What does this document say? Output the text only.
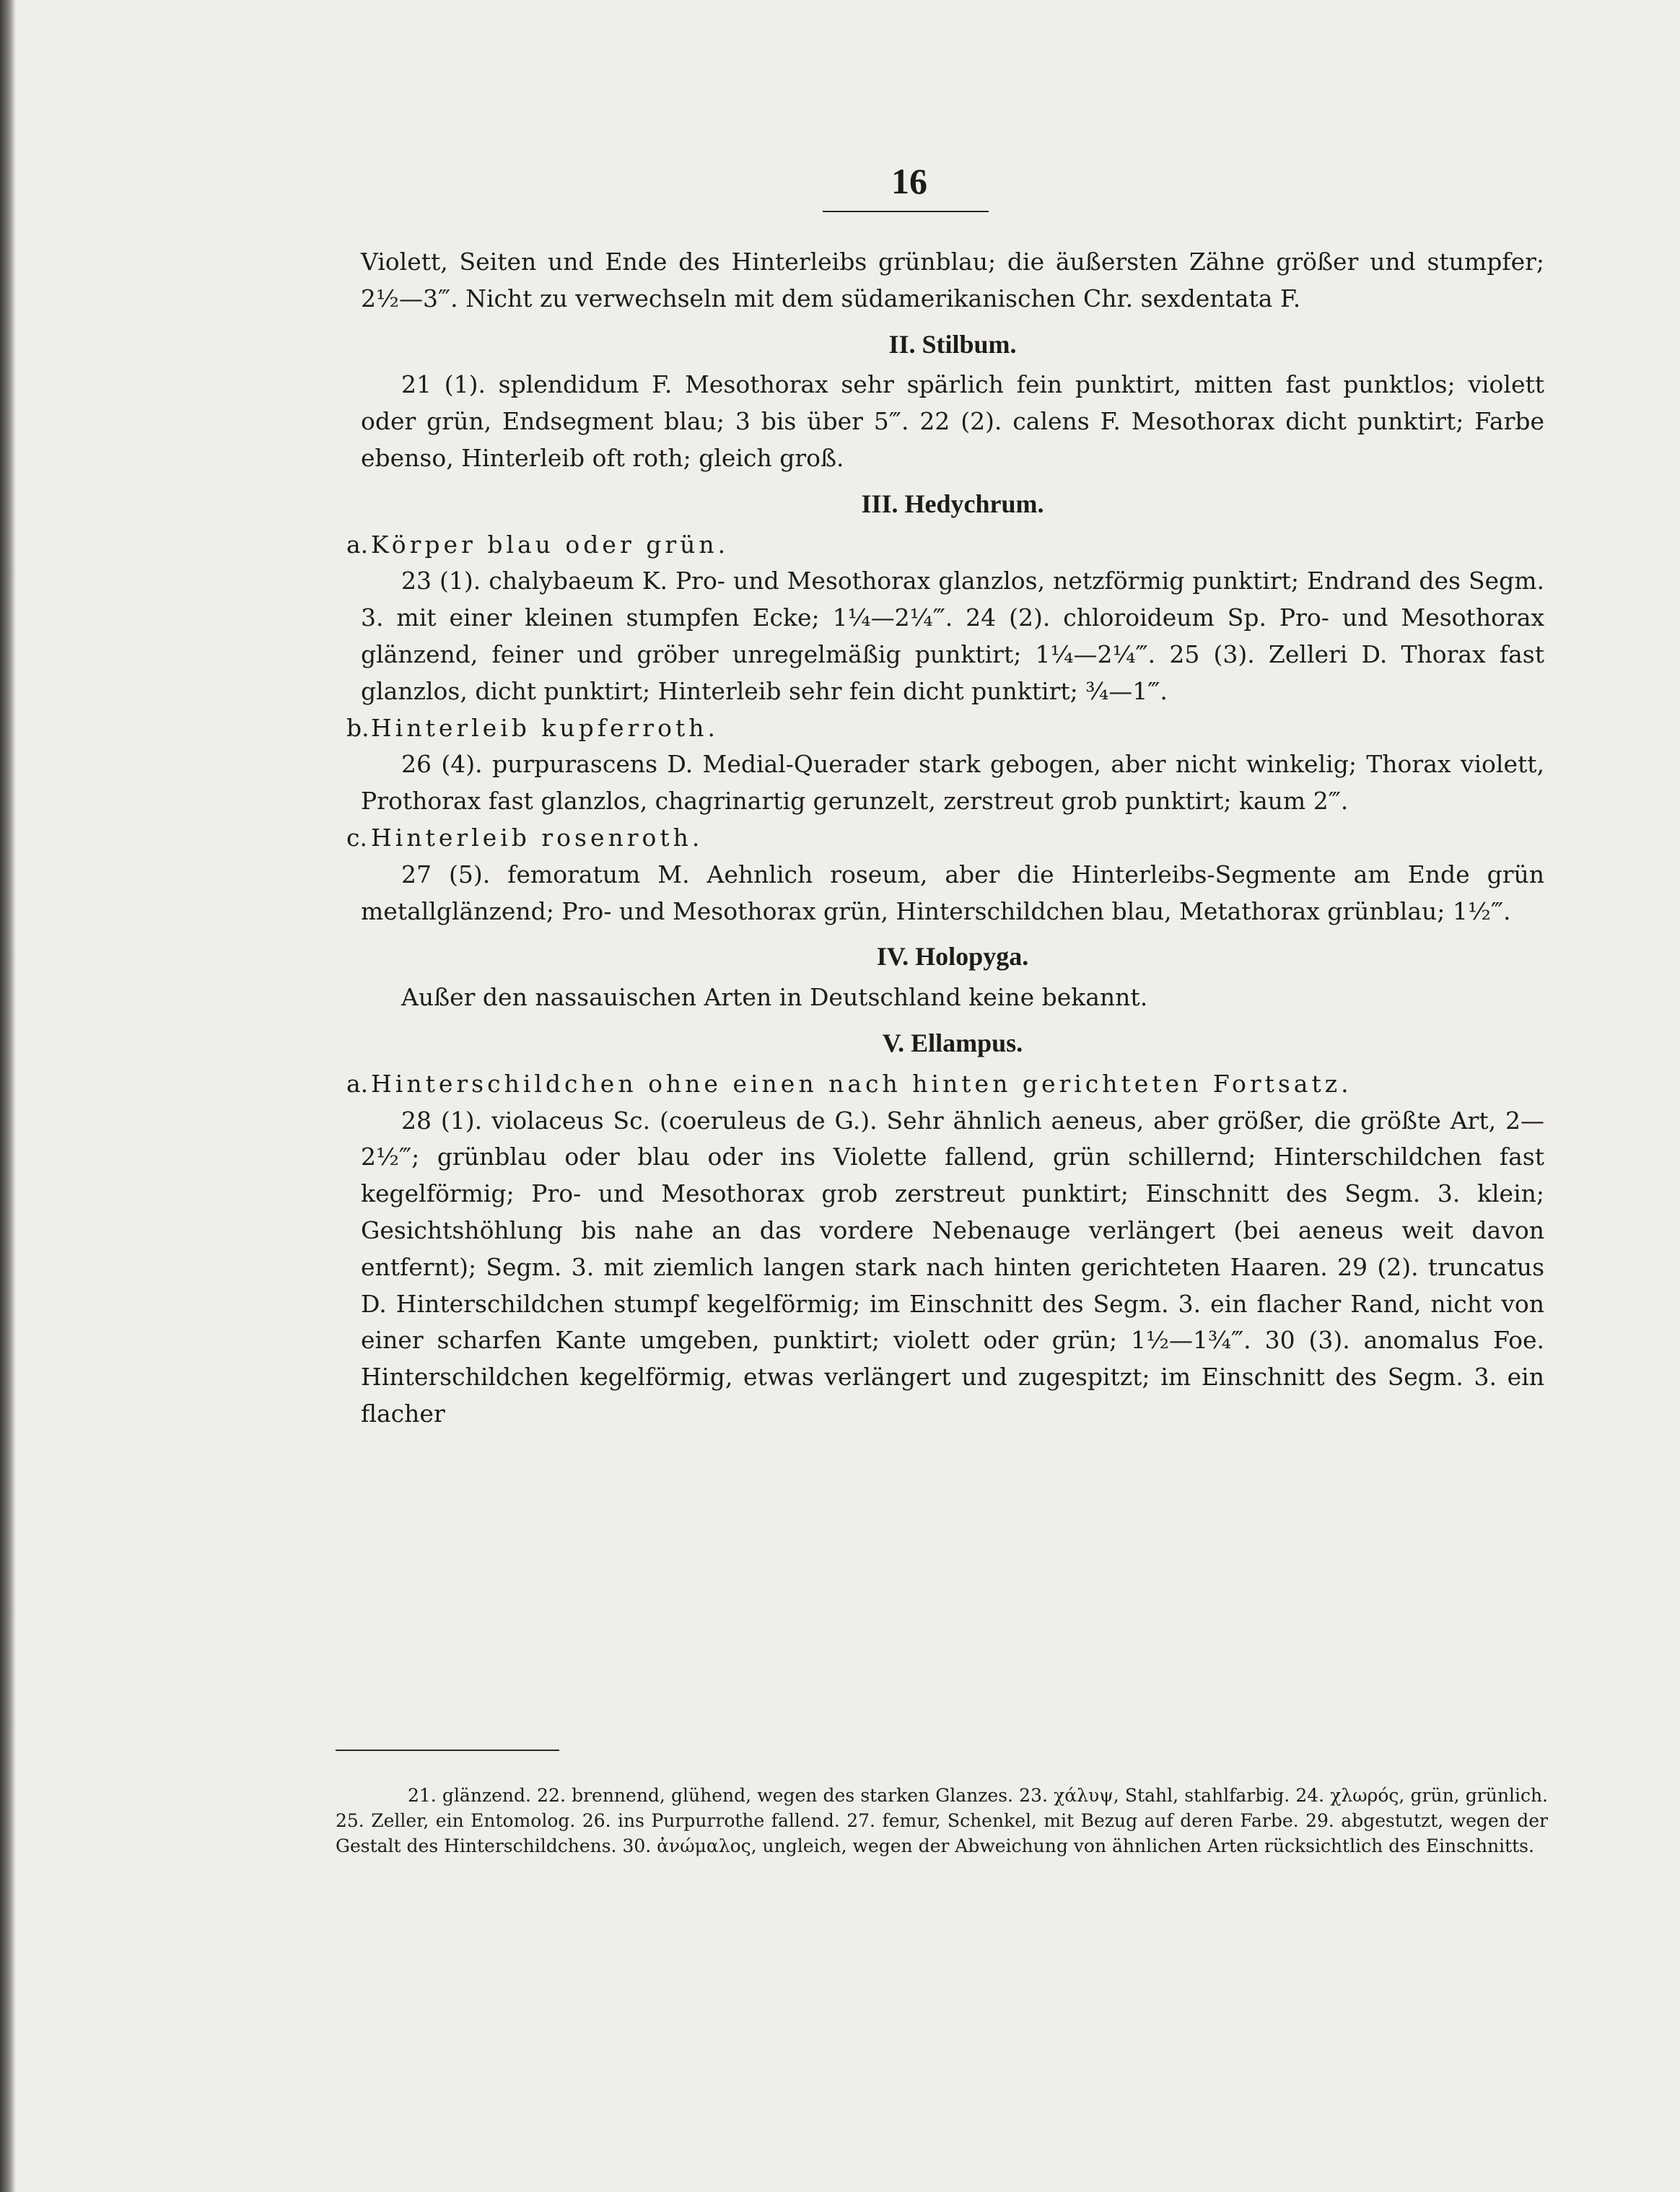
16

Violett, Seiten und Ende des Hinterleibs grünblau; die äußersten Zähne größer und stumpfer; 2½—3‴. Nicht zu verwechseln mit dem südamerikanischen Chr. sexdentata F.

II. Stilbum.

21 (1). splendidum F. Mesothorax sehr spärlich fein punktirt, mitten fast punktlos; violett oder grün, Endsegment blau; 3 bis über 5‴. 22 (2). calens F. Mesothorax dicht punktirt; Farbe ebenso, Hinterleib oft roth; gleich groß.

III. Hedychrum.

a. Körper blau oder grün.

23 (1). chalybaeum K. Pro- und Mesothorax glanzlos, netzförmig punktirt; Endrand des Segm. 3. mit einer kleinen stumpfen Ecke; 1¼—2¼‴. 24 (2). chloroideum Sp. Pro- und Mesothorax glänzend, feiner und gröber unregelmäßig punktirt; 1¼—2¼‴. 25 (3). Zelleri D. Thorax fast glanzlos, dicht punktirt; Hinterleib sehr fein dicht punktirt; ¾—1‴.

b.Hinterleib kupferroth.

26 (4). purpurascens D. Medial-Querader stark gebogen, aber nicht winkelig; Thorax violett, Prothorax fast glanzlos, chagrinartig gerunzelt, zerstreut grob punktirt; kaum 2‴.

c. Hinterleib rosenroth.

27 (5). femoratum M. Aehnlich roseum, aber die Hinterleibs-Segmente am Ende grün metallglänzend; Pro- und Mesothorax grün, Hinterschildchen blau, Metathorax grünblau; 1½‴.

IV. Holopyga.

Außer den nassauischen Arten in Deutschland keine bekannt.

V. Ellampus.

a. Hinterschildchen ohne einen nach hinten gerichteten Fortsatz.

28 (1). violaceus Sc. (coeruleus de G.). Sehr ähnlich aeneus, aber größer, die größte Art, 2—2½‴; grünblau oder blau oder ins Violette fallend, grün schillernd; Hinterschildchen fast kegelförmig; Pro- und Mesothorax grob zerstreut punktirt; Einschnitt des Segm. 3. klein; Gesichtshöhlung bis nahe an das vordere Nebenauge verlängert (bei aeneus weit davon entfernt); Segm. 3. mit ziemlich langen stark nach hinten gerichteten Haaren. 29 (2). truncatus D. Hinterschildchen stumpf kegelförmig; im Einschnitt des Segm. 3. ein flacher Rand, nicht von einer scharfen Kante umgeben, punktirt; violett oder grün; 1½—1¾‴. 30 (3). anomalus Foe. Hinterschildchen kegelförmig, etwas verlängert und zugespitzt; im Einschnitt des Segm. 3. ein flacher

21. glänzend. 22. brennend, glühend, wegen des starken Glanzes. 23. χάλυψ, Stahl, stahlfarbig. 24. χλωρός, grün, grünlich. 25. Zeller, ein Entomolog. 26. ins Purpurrothe fallend. 27. femur, Schenkel, mit Bezug auf deren Farbe. 29. abgestutzt, wegen der Gestalt des Hinterschildchens. 30. ἀνώμαλος, ungleich, wegen der Abweichung von ähnlichen Arten rücksichtlich des Einschnitts.
